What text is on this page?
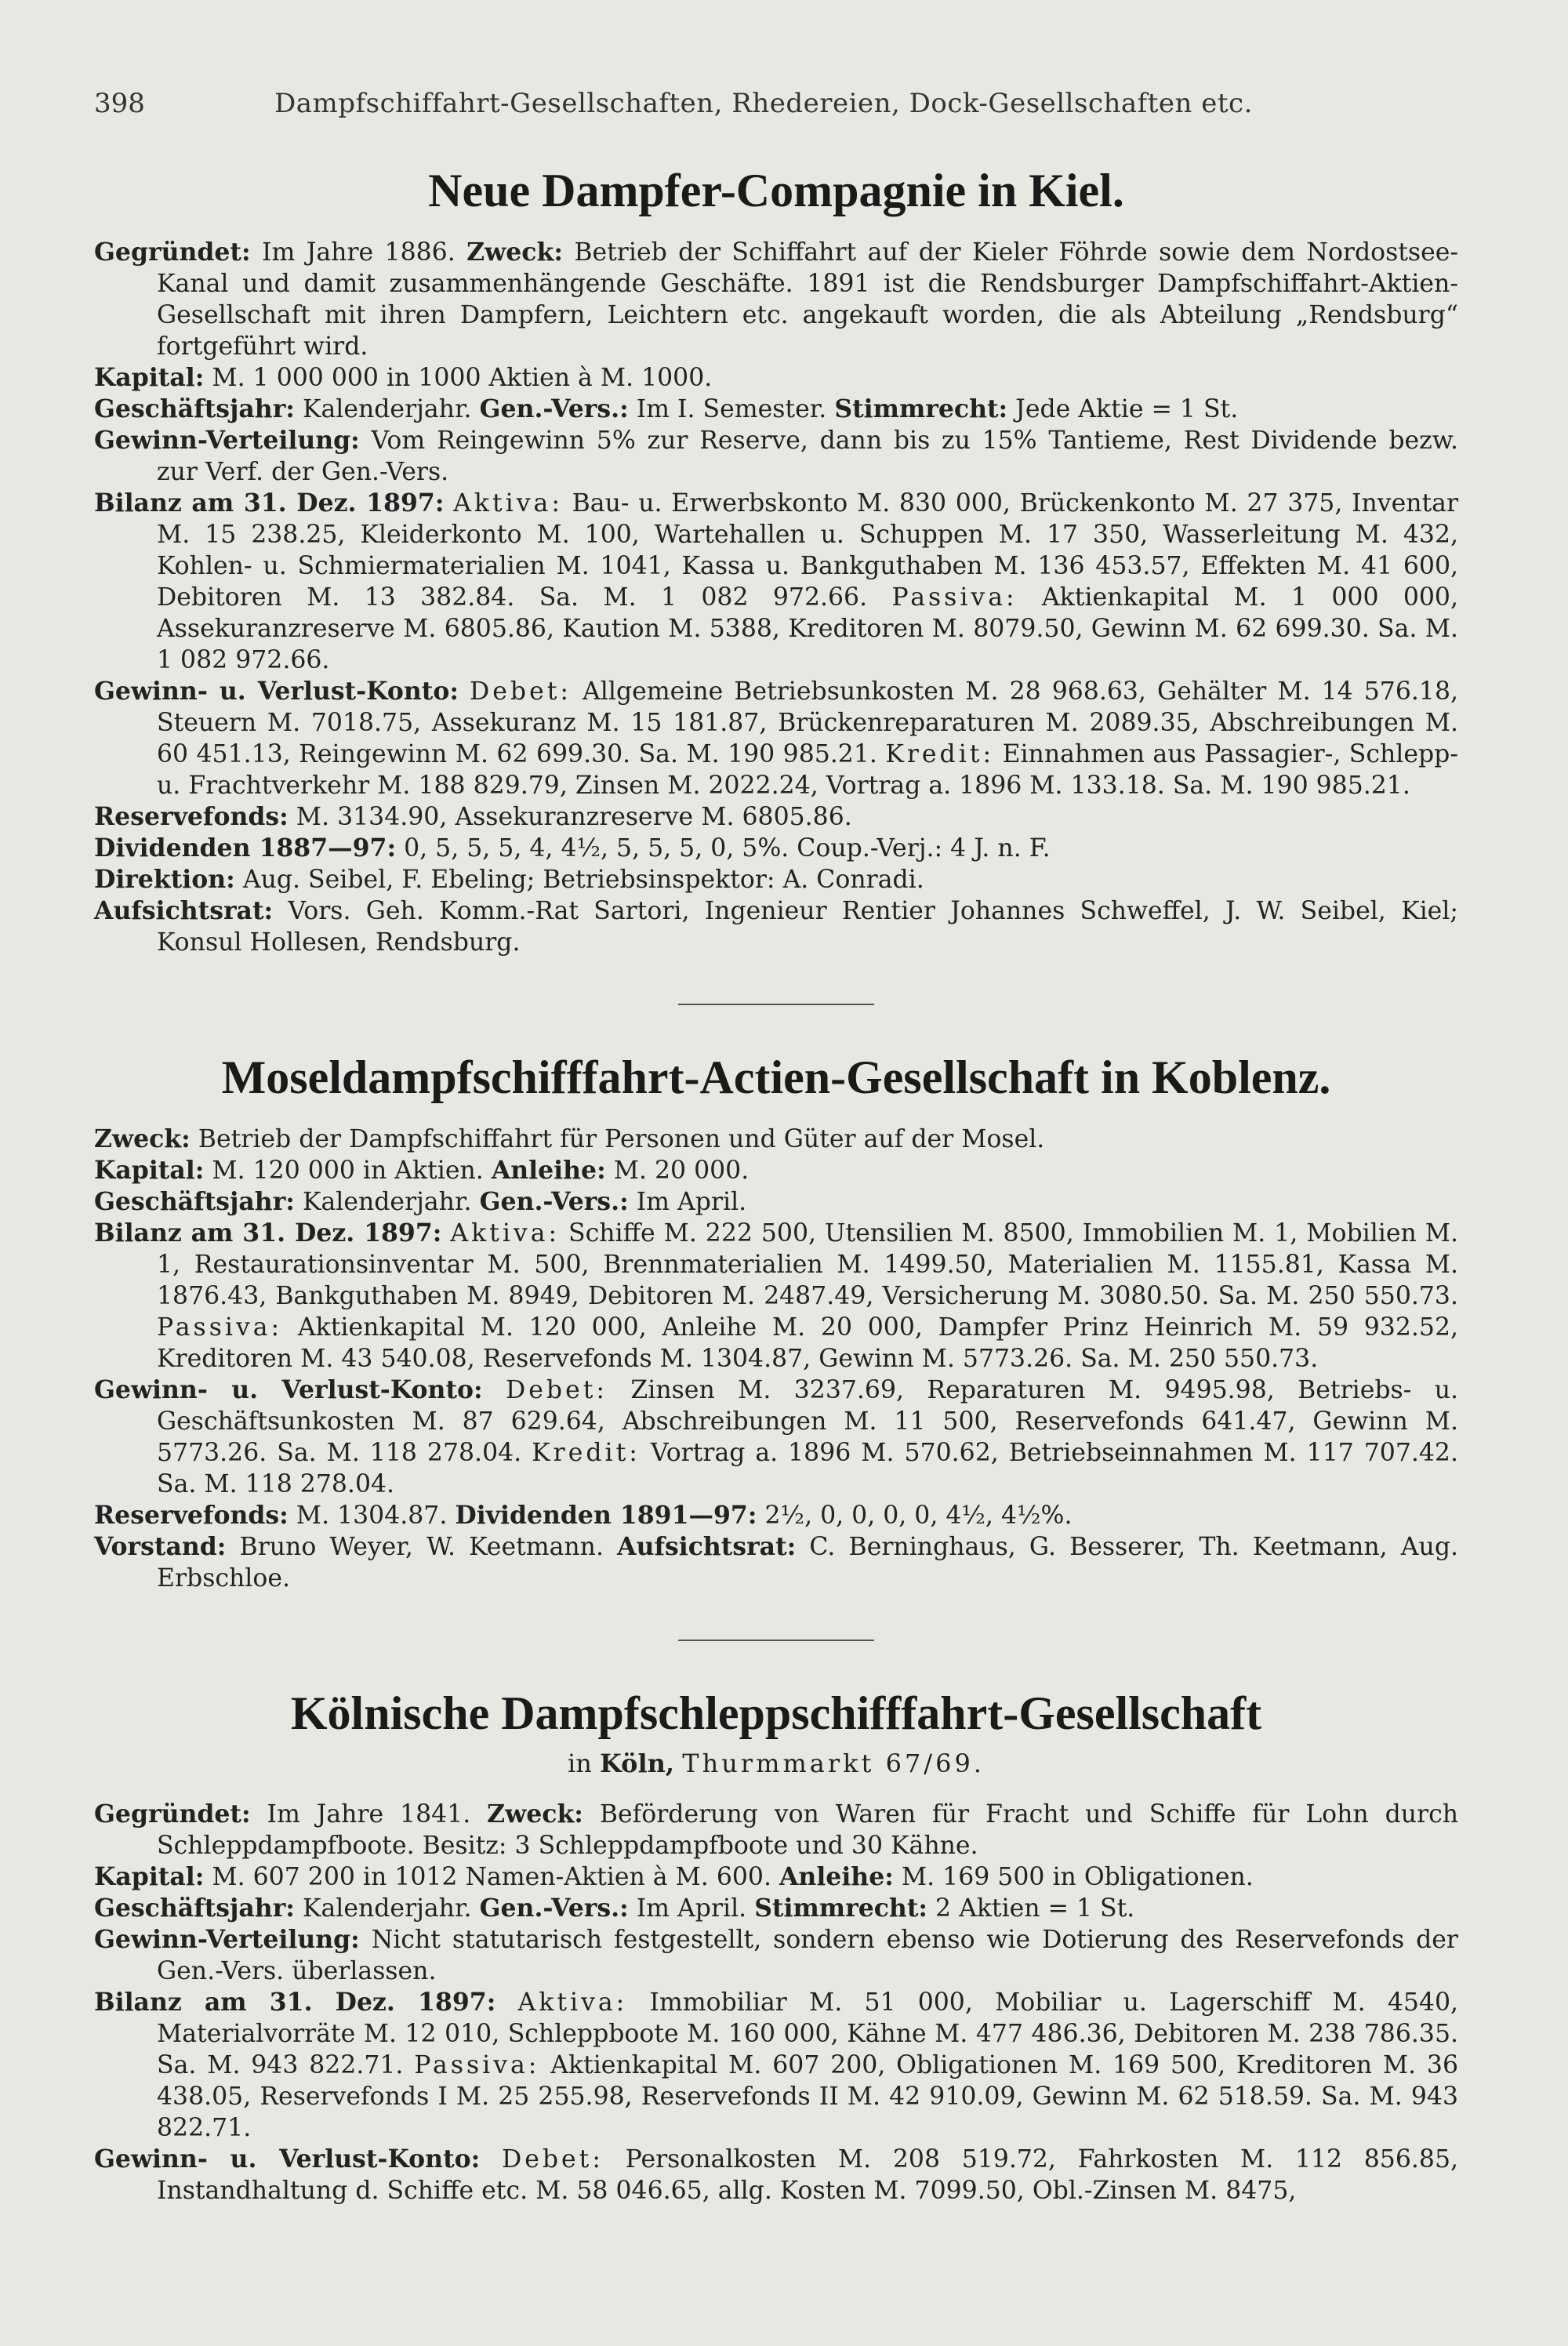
398	Dampfschiffahrt-Gesellschaften, Rhedereien, Dock-Gesellschaften etc.
Neue Dampfer-Compagnie in Kiel.

Gegründet: Im Jahre 1886. Zweck: Betrieb der Schiffahrt auf der Kieler Föhrde sowie dem Nordostsee-Kanal und damit zusammenhängende Geschäfte. 1891 ist die Rendsburger Dampfschiffahrt-Aktien-Gesellschaft mit ihren Dampfern, Leichtern etc. angekauft worden, die als Abteilung „Rendsburg“ fortgeführt wird.

Kapital: M. 1 000 000 in 1000 Aktien à M. 1000.

Geschäftsjahr: Kalenderjahr. Gen.-Vers.: Im I. Semester. Stimmrecht: Jede Aktie = 1 St.

Gewinn-Verteilung: Vom Reingewinn 5% zur Reserve, dann bis zu 15% Tantieme, Rest Dividende bezw. zur Verf. der Gen.-Vers.

Bilanz am 31. Dez. 1897: Aktiva: Bau- u. Erwerbskonto M. 830 000, Brückenkonto M. 27 375, Inventar M. 15 238.25, Kleiderkonto M. 100, Wartehallen u. Schuppen M. 17 350, Wasserleitung M. 432, Kohlen- u. Schmiermaterialien M. 1041, Kassa u. Bankguthaben M. 136 453.57, Effekten M. 41 600, Debitoren M. 13 382.84. Sa. M. 1 082 972.66. Passiva: Aktienkapital M. 1 000 000, Assekuranzreserve M. 6805.86, Kaution M. 5388, Kreditoren M. 8079.50, Gewinn M. 62 699.30. Sa. M. 1 082 972.66.

Gewinn- u. Verlust-Konto: Debet: Allgemeine Betriebsunkosten M. 28 968.63, Gehälter M. 14 576.18, Steuern M. 7018.75, Assekuranz M. 15 181.87, Brückenreparaturen M. 2089.35, Abschreibungen M. 60 451.13, Reingewinn M. 62 699.30. Sa. M. 190 985.21. Kredit: Einnahmen aus Passagier-, Schlepp- u. Frachtverkehr M. 188 829.79, Zinsen M. 2022.24, Vortrag a. 1896 M. 133.18. Sa. M. 190 985.21.

Reservefonds: M. 3134.90, Assekuranzreserve M. 6805.86.

Dividenden 1887—97: 0, 5, 5, 5, 4, 4½, 5, 5, 5, 0, 5%. Coup.-Verj.: 4 J. n. F.

Direktion: Aug. Seibel, F. Ebeling; Betriebsinspektor: A. Conradi.

Aufsichtsrat: Vors. Geh. Komm.-Rat Sartori, Ingenieur Rentier Johannes Schweffel, J. W. Seibel, Kiel; Konsul Hollesen, Rendsburg.

Moseldampfschifffahrt-Actien-Gesellschaft in Koblenz.

Zweck: Betrieb der Dampfschiffahrt für Personen und Güter auf der Mosel.

Kapital: M. 120 000 in Aktien. Anleihe: M. 20 000.

Geschäftsjahr: Kalenderjahr. Gen.-Vers.: Im April.

Bilanz am 31. Dez. 1897: Aktiva: Schiffe M. 222 500, Utensilien M. 8500, Immobilien M. 1, Mobilien M. 1, Restaurationsinventar M. 500, Brennmaterialien M. 1499.50, Materialien M. 1155.81, Kassa M. 1876.43, Bankguthaben M. 8949, Debitoren M. 2487.49, Versicherung M. 3080.50. Sa. M. 250 550.73. Passiva: Aktienkapital M. 120 000, Anleihe M. 20 000, Dampfer Prinz Heinrich M. 59 932.52, Kreditoren M. 43 540.08, Reservefonds M. 1304.87, Gewinn M. 5773.26. Sa. M. 250 550.73.

Gewinn- u. Verlust-Konto: Debet: Zinsen M. 3237.69, Reparaturen M. 9495.98, Betriebs- u. Geschäftsunkosten M. 87 629.64, Abschreibungen M. 11 500, Reservefonds 641.47, Gewinn M. 5773.26. Sa. M. 118 278.04. Kredit: Vortrag a. 1896 M. 570.62, Betriebseinnahmen M. 117 707.42. Sa. M. 118 278.04.

Reservefonds: M. 1304.87. Dividenden 1891—97: 2½, 0, 0, 0, 0, 4½, 4½%.

Vorstand: Bruno Weyer, W. Keetmann. Aufsichtsrat: C. Berninghaus, G. Besserer, Th. Keetmann, Aug. Erbschloe.

Kölnische Dampfschleppschifffahrt-Gesellschaft
in Köln, Thurmmarkt 67/69.

Gegründet: Im Jahre 1841. Zweck: Beförderung von Waren für Fracht und Schiffe für Lohn durch Schleppdampfboote. Besitz: 3 Schleppdampfboote und 30 Kähne.

Kapital: M. 607 200 in 1012 Namen-Aktien à M. 600. Anleihe: M. 169 500 in Obligationen.

Geschäftsjahr: Kalenderjahr. Gen.-Vers.: Im April. Stimmrecht: 2 Aktien = 1 St.

Gewinn-Verteilung: Nicht statutarisch festgestellt, sondern ebenso wie Dotierung des Reservefonds der Gen.-Vers. überlassen.

Bilanz am 31. Dez. 1897: Aktiva: Immobiliar M. 51 000, Mobiliar u. Lagerschiff M. 4540, Materialvorräte M. 12 010, Schleppboote M. 160 000, Kähne M. 477 486.36, Debitoren M. 238 786.35. Sa. M. 943 822.71. Passiva: Aktienkapital M. 607 200, Obligationen M. 169 500, Kreditoren M. 36 438.05, Reservefonds I M. 25 255.98, Reservefonds II M. 42 910.09, Gewinn M. 62 518.59. Sa. M. 943 822.71.

Gewinn- u. Verlust-Konto: Debet: Personalkosten M. 208 519.72, Fahrkosten M. 112 856.85, Instandhaltung d. Schiffe etc. M. 58 046.65, allg. Kosten M. 7099.50, Obl.-Zinsen M. 8475,
